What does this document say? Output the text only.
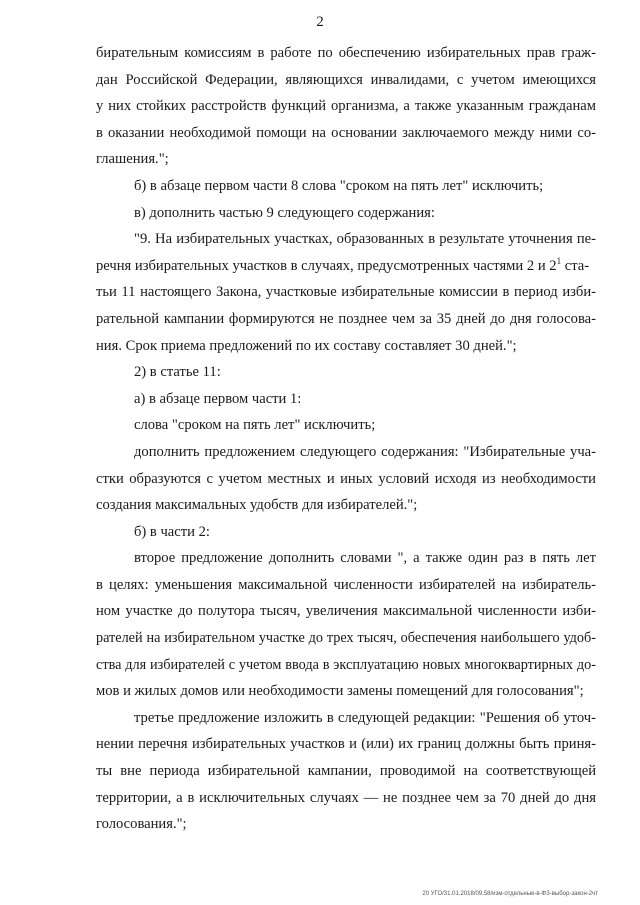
2
бирательным комиссиям в работе по обеспечению избирательных прав граж-
дан Российской Федерации, являющихся инвалидами, с учетом имеющихся
у них стойких расстройств функций организма, а также указанным гражданам
в оказании необходимой помощи на основании заключаемого между ними со-
глашения.";
б) в абзаце первом части 8 слова "сроком на пять лет" исключить;
в) дополнить частью 9 следующего содержания:
"9. На избирательных участках, образованных в результате уточнения пе-
речня избирательных участков в случаях, предусмотренных частями 2 и $2^1$ ста-
тьи 11 настоящего Закона, участковые избирательные комиссии в период изби-
рательной кампании формируются не позднее чем за 35 дней до дня голосова-
ния. Срок приема предложений по их составу составляет 30 дней.";
2) в статье 11:
а) в абзаце первом части 1:
слова "сроком на пять лет" исключить;
дополнить предложением следующего содержания: "Избирательные уча-
стки образуются с учетом местных и иных условий исходя из необходимости
создания максимальных удобств для избирателей.";
б) в части 2:
второе предложение дополнить словами ", а также один раз в пять лет
в целях: уменьшения максимальной численности избирателей на избиратель-
ном участке до полутора тысяч, увеличения максимальной численности изби-
рателей на избирательном участке до трех тысяч, обеспечения наибольшего удоб-
ства для избирателей с учетом ввода в эксплуатацию новых многоквартирных до-
мов и жилых домов или необходимости замены помещений для голосования";
третье предложение изложить в следующей редакции: "Решения об уточ-
нении перечня избирательных участков и (или) их границ должны быть приня-
ты вне периода избирательной кампании, проводимой на соответствующей
территории, а в исключительных случаях — не позднее чем за 70 дней до дня
голосования.";
20 УГО/31.01.2018/09.58/изм-отдельные-в-ФЗ-выбор-закон-2чт
